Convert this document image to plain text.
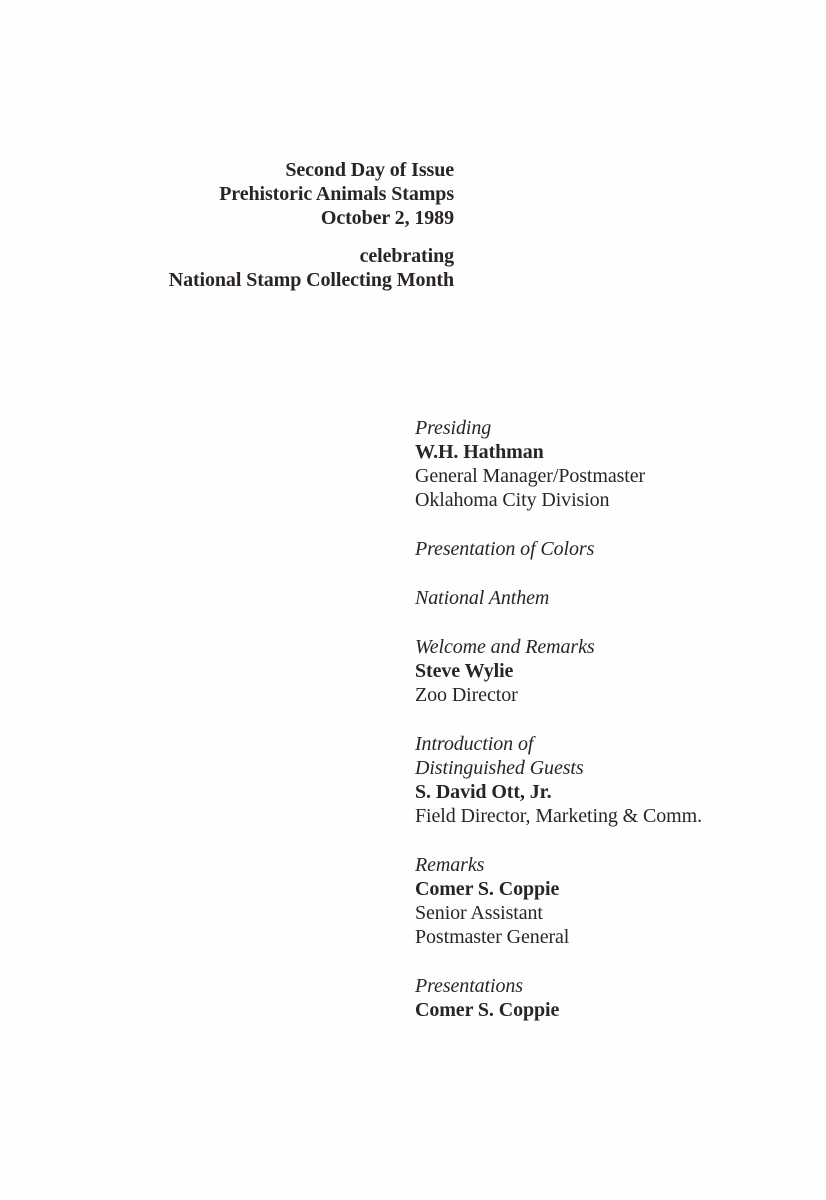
Second Day of Issue
Prehistoric Animals Stamps
October 2, 1989
celebrating
National Stamp Collecting Month
Presiding
W.H. Hathman
General Manager/Postmaster
Oklahoma City Division
Presentation of Colors
National Anthem
Welcome and Remarks
Steve Wylie
Zoo Director
Introduction of
Distinguished Guests
S. David Ott, Jr.
Field Director, Marketing & Comm.
Remarks
Comer S. Coppie
Senior Assistant
Postmaster General
Presentations
Comer S. Coppie
